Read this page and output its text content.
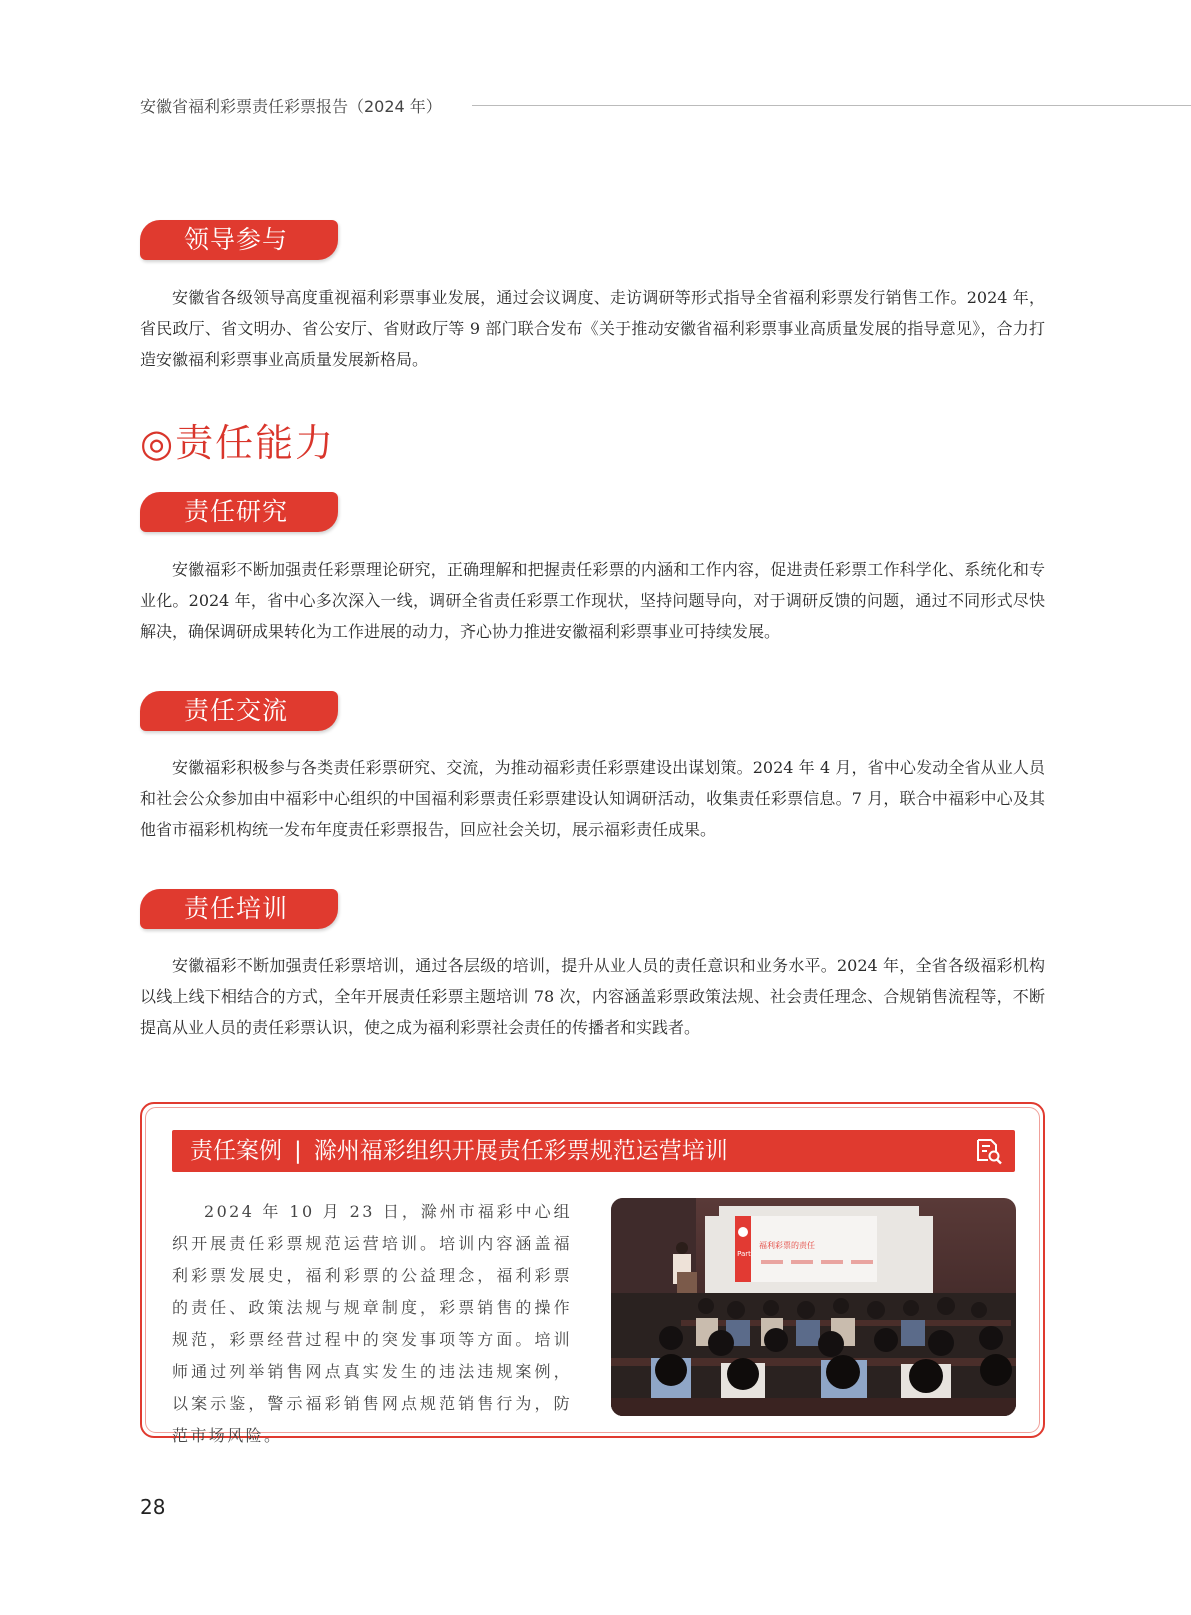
安徽省福利彩票责任彩票报告（2024 年）
领导参与

安徽省各级领导高度重视福利彩票事业发展，通过会议调度、走访调研等形式指导全省福利彩票发行销售工作。2024 年，省民政厅、省文明办、省公安厅、省财政厅等 9 部门联合发布《关于推动安徽省福利彩票事业高质量发展的指导意见》，合力打造安徽福利彩票事业高质量发展新格局。

◎责任能力
责任研究

安徽福彩不断加强责任彩票理论研究，正确理解和把握责任彩票的内涵和工作内容，促进责任彩票工作科学化、系统化和专业化。2024 年，省中心多次深入一线，调研全省责任彩票工作现状，坚持问题导向，对于调研反馈的问题，通过不同形式尽快解决，确保调研成果转化为工作进展的动力，齐心协力推进安徽福利彩票事业可持续发展。

责任交流

安徽福彩积极参与各类责任彩票研究、交流，为推动福彩责任彩票建设出谋划策。2024 年 4 月，省中心发动全省从业人员和社会公众参加由中福彩中心组织的中国福利彩票责任彩票建设认知调研活动，收集责任彩票信息。7 月，联合中福彩中心及其他省市福彩机构统一发布年度责任彩票报告，回应社会关切，展示福彩责任成果。

责任培训

安徽福彩不断加强责任彩票培训，通过各层级的培训，提升从业人员的责任意识和业务水平。2024 年，全省各级福彩机构以线上线下相结合的方式，全年开展责任彩票主题培训 78 次，内容涵盖彩票政策法规、社会责任理念、合规销售流程等，不断提高从业人员的责任彩票认识，使之成为福利彩票社会责任的传播者和实践者。

责任案例 | 滁州福彩组织开展责任彩票规范运营培训

2024 年 10 月 23 日，滁州市福彩中心组织开展责任彩票规范运营培训。培训内容涵盖福利彩票发展史，福利彩票的公益理念，福利彩票的责任、政策法规与规章制度，彩票销售的操作规范，彩票经营过程中的突发事项等方面。培训师通过列举销售网点真实发生的违法违规案例，以案示鉴，警示福彩销售网点规范销售行为，防范市场风险。

Part
福利彩票的责任
28
